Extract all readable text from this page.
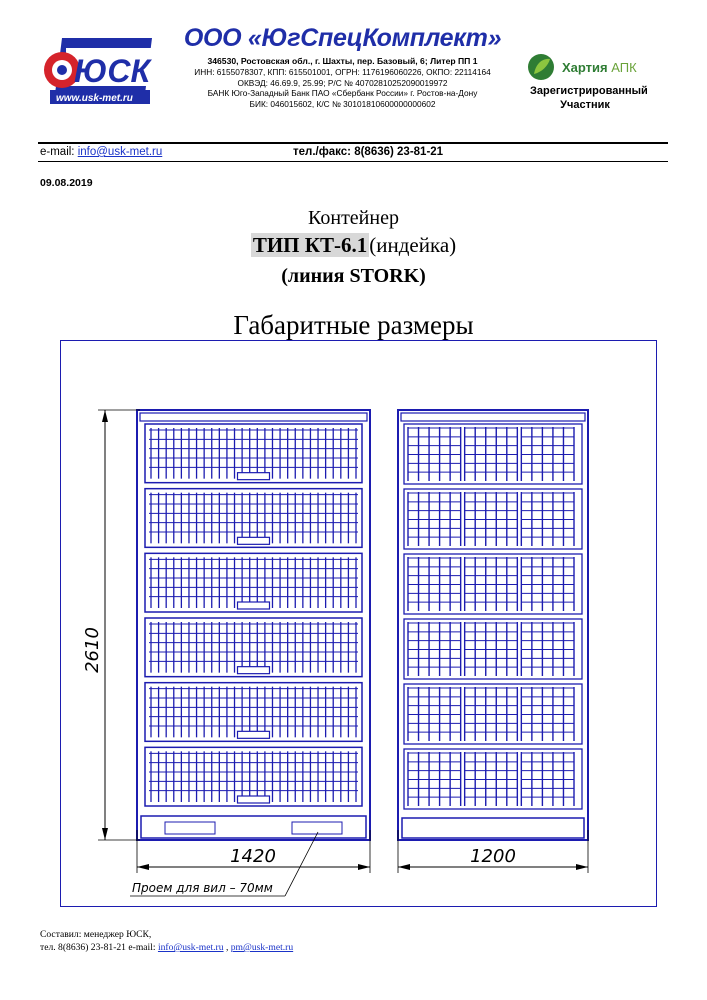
ЮСК
www.usk-met.ru
ООО «ЮгСпецКомплект»
346530, Ростовская обл., г. Шахты, пер. Базовый, 6; Литер ПП 1
ИНН: 6155078307, КПП: 615501001, ОГРН: 1176196060226, ОКПО: 22114164
ОКВЭД: 46.69.9, 25.99; Р/С № 40702810252090019972
БАНК Юго-Западный Банк ПАО «Сбербанк России» г. Ростов-на-Дону
БИК: 046015602, К/С № 30101810600000000602
Хартия АПК
Зарегистрированный Участник
e-mail: info@usk-met.ru	тел./факс: 8(8636) 23-81-21
09.08.2019
Контейнер
ТИП КТ-6.1(индейка)
(линия STORK)
Габаритные размеры
2610
1420	1200
Проем для вил – 70мм
Составил: менеджер ЮСК,
тел. 8(8636) 23-81-21 e-mail: info@usk-met.ru , pm@usk-met.ru
